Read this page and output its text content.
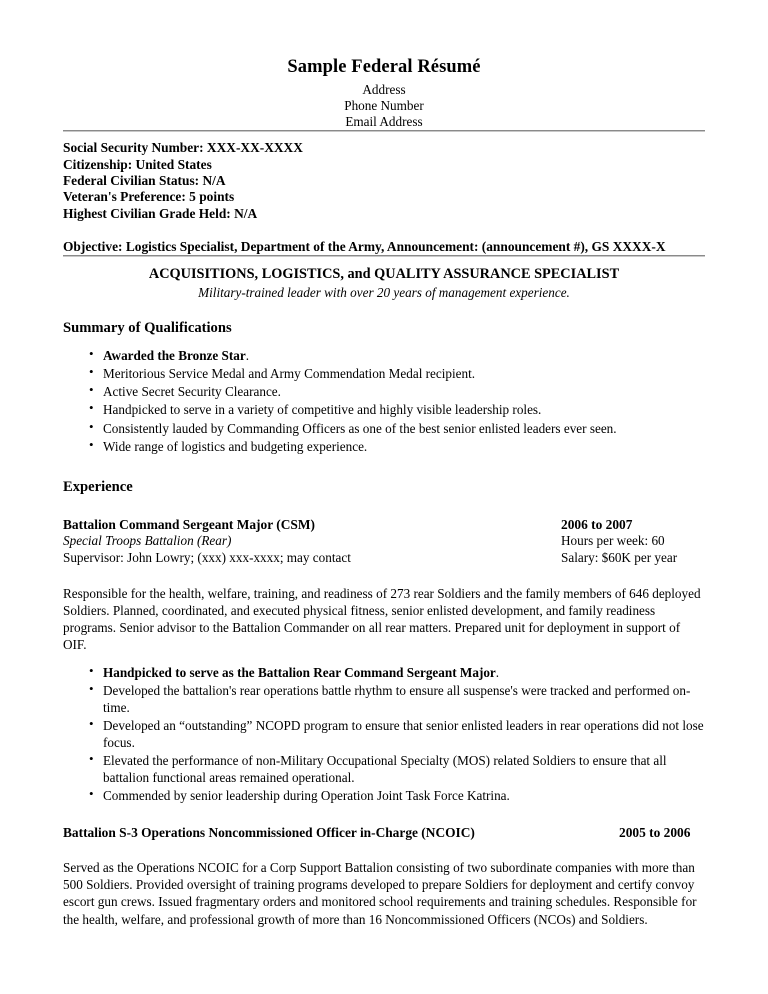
Sample Federal Résumé

Address

Phone Number

Email Address

Social Security Number: XXX-XX-XXXX

Citizenship: United States

Federal Civilian Status: N/A

Veteran's Preference: 5 points

Highest Civilian Grade Held: N/A

Objective: Logistics Specialist, Department of the Army, Announcement: (announcement #), GS XXXX-X

ACQUISITIONS, LOGISTICS, and QUALITY ASSURANCE SPECIALIST

Military-trained leader with over 20 years of management experience.

Summary of Qualifications
• Awarded the Bronze Star.
• Meritorious Service Medal and Army Commendation Medal recipient.
• Active Secret Security Clearance.
• Handpicked to serve in a variety of competitive and highly visible leadership roles.
• Consistently lauded by Commanding Officers as one of the best senior enlisted leaders ever seen.
• Wide range of logistics and budgeting experience.
Experience
Battalion Command Sergeant Major (CSM)	2006 to 2007
Special Troops Battalion (Rear)	Hours per week: 60
Supervisor: John Lowry; (xxx) xxx-xxxx; may contact	Salary: $60K per year

Responsible for the health, welfare, training, and readiness of 273 rear Soldiers and the family members of 646 deployed Soldiers. Planned, coordinated, and executed physical fitness, senior enlisted development, and family readiness programs. Senior advisor to the Battalion Commander on all rear matters. Prepared unit for deployment in support of OIF.

• Handpicked to serve as the Battalion Rear Command Sergeant Major.
• Developed the battalion's rear operations battle rhythm to ensure all suspense's were tracked and performed on-time.
• Developed an “outstanding” NCOPD program to ensure that senior enlisted leaders in rear operations did not lose focus.
• Elevated the performance of non-Military Occupational Specialty (MOS) related Soldiers to ensure that all battalion functional areas remained operational.
• Commended by senior leadership during Operation Joint Task Force Katrina.
Battalion S-3 Operations Noncommissioned Officer in-Charge (NCOIC)	2005 to 2006

Served as the Operations NCOIC for a Corp Support Battalion consisting of two subordinate companies with more than 500 Soldiers. Provided oversight of training programs developed to prepare Soldiers for deployment and certify convoy escort gun crews. Issued fragmentary orders and monitored school requirements and training schedules. Responsible for the health, welfare, and professional growth of more than 16 Noncommissioned Officers (NCOs) and Soldiers.
